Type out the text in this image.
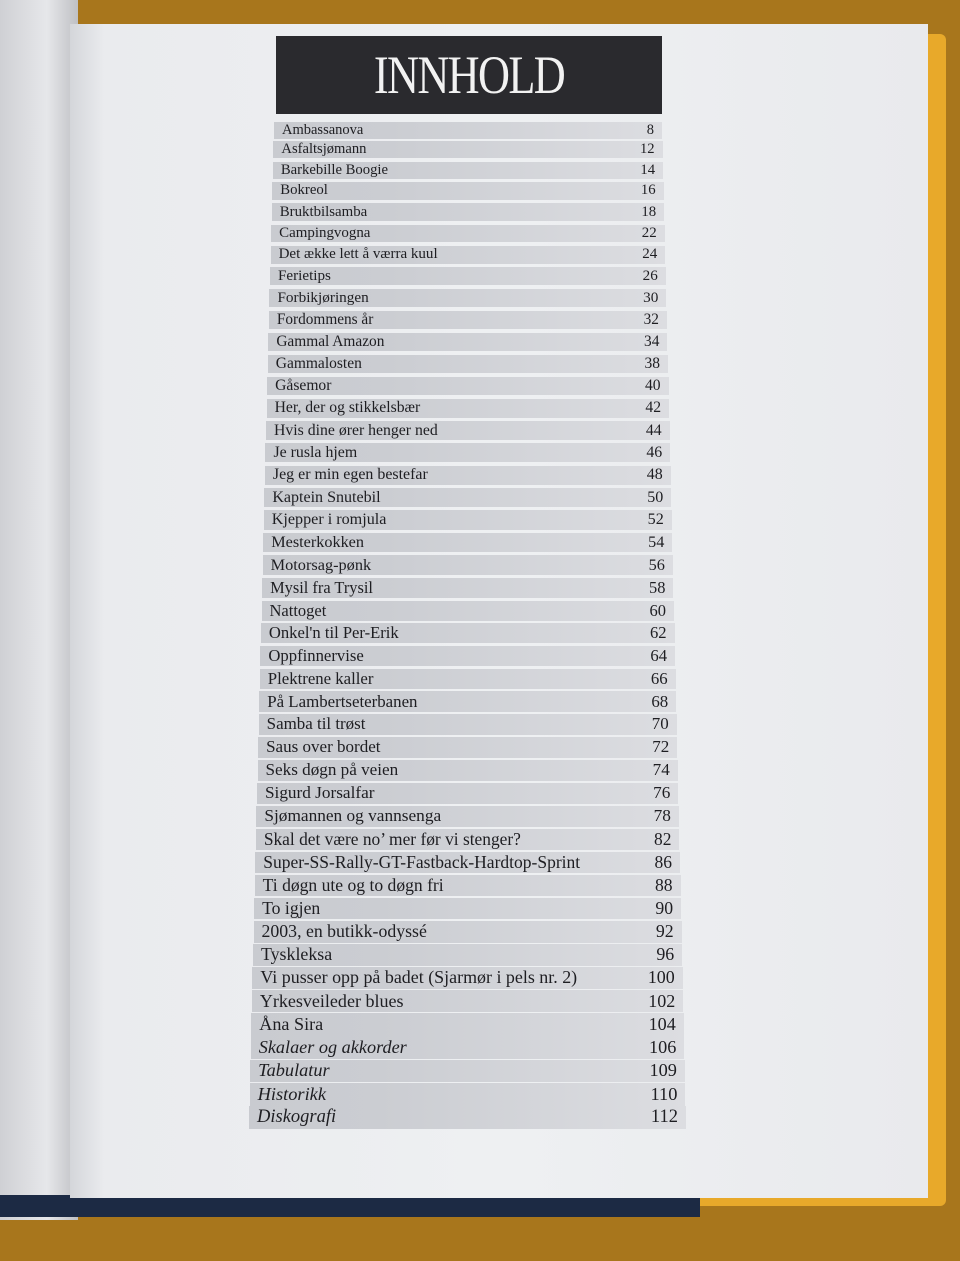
INNHOLD
Ambassanova	8
Asfaltsjømann	12
Barkebille Boogie	14
Bokreol	16
Bruktbilsamba	18
Campingvogna	22
Det ække lett å værra kuul	24
Ferietips	26
Forbikjøringen	30
Fordommens år	32
Gammal Amazon	34
Gammalosten	38
Gåsemor	40
Her, der og stikkelsbær	42
Hvis dine ører henger ned	44
Je rusla hjem	46
Jeg er min egen bestefar	48
Kaptein Snutebil	50
Kjepper i romjula	52
Mesterkokken	54
Motorsag-pønk	56
Mysil fra Trysil	58
Nattoget	60
Onkel'n til Per-Erik	62
Oppfinnervise	64
Plektrene kaller	66
På Lambertseterbanen	68
Samba til trøst	70
Saus over bordet	72
Seks døgn på veien	74
Sigurd Jorsalfar	76
Sjømannen og vannsenga	78
Skal det være no’ mer før vi stenger?	82
Super-SS-Rally-GT-Fastback-Hardtop-Sprint	86
Ti døgn ute og to døgn fri	88
To igjen	90
2003, en butikk-odyssé	92
Tyskleksa	96
Vi pusser opp på badet (Sjarmør i pels nr. 2)	100
Yrkesveileder blues	102
Åna Sira	104
Skalaer og akkorder	106
Tabulatur	109
Historikk	110
Diskografi	112
